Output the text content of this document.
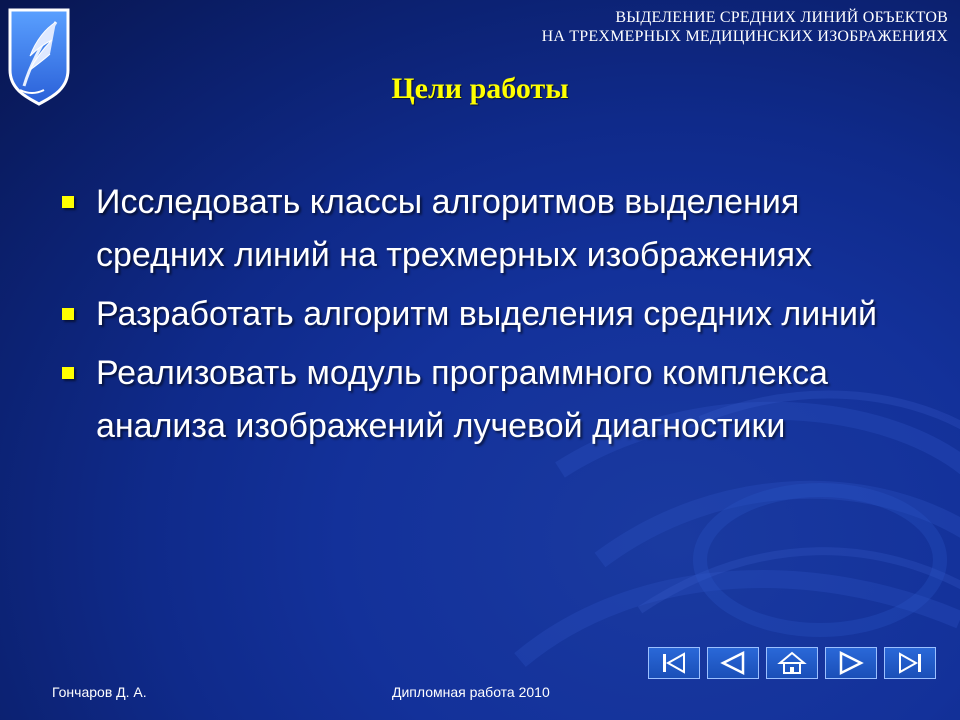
ВЫДЕЛЕНИЕ СРЕДНИХ ЛИНИЙ ОБЪЕКТОВ
НА ТРЕХМЕРНЫХ МЕДИЦИНСКИХ ИЗОБРАЖЕНИЯХ
Цели работы
Исследовать классы алгоритмов выделения средних линий на трехмерных изображениях
Разработать алгоритм выделения средних линий
Реализовать модуль программного комплекса анализа изображений лучевой диагностики
Гончаров Д. А.	Дипломная работа 2010
